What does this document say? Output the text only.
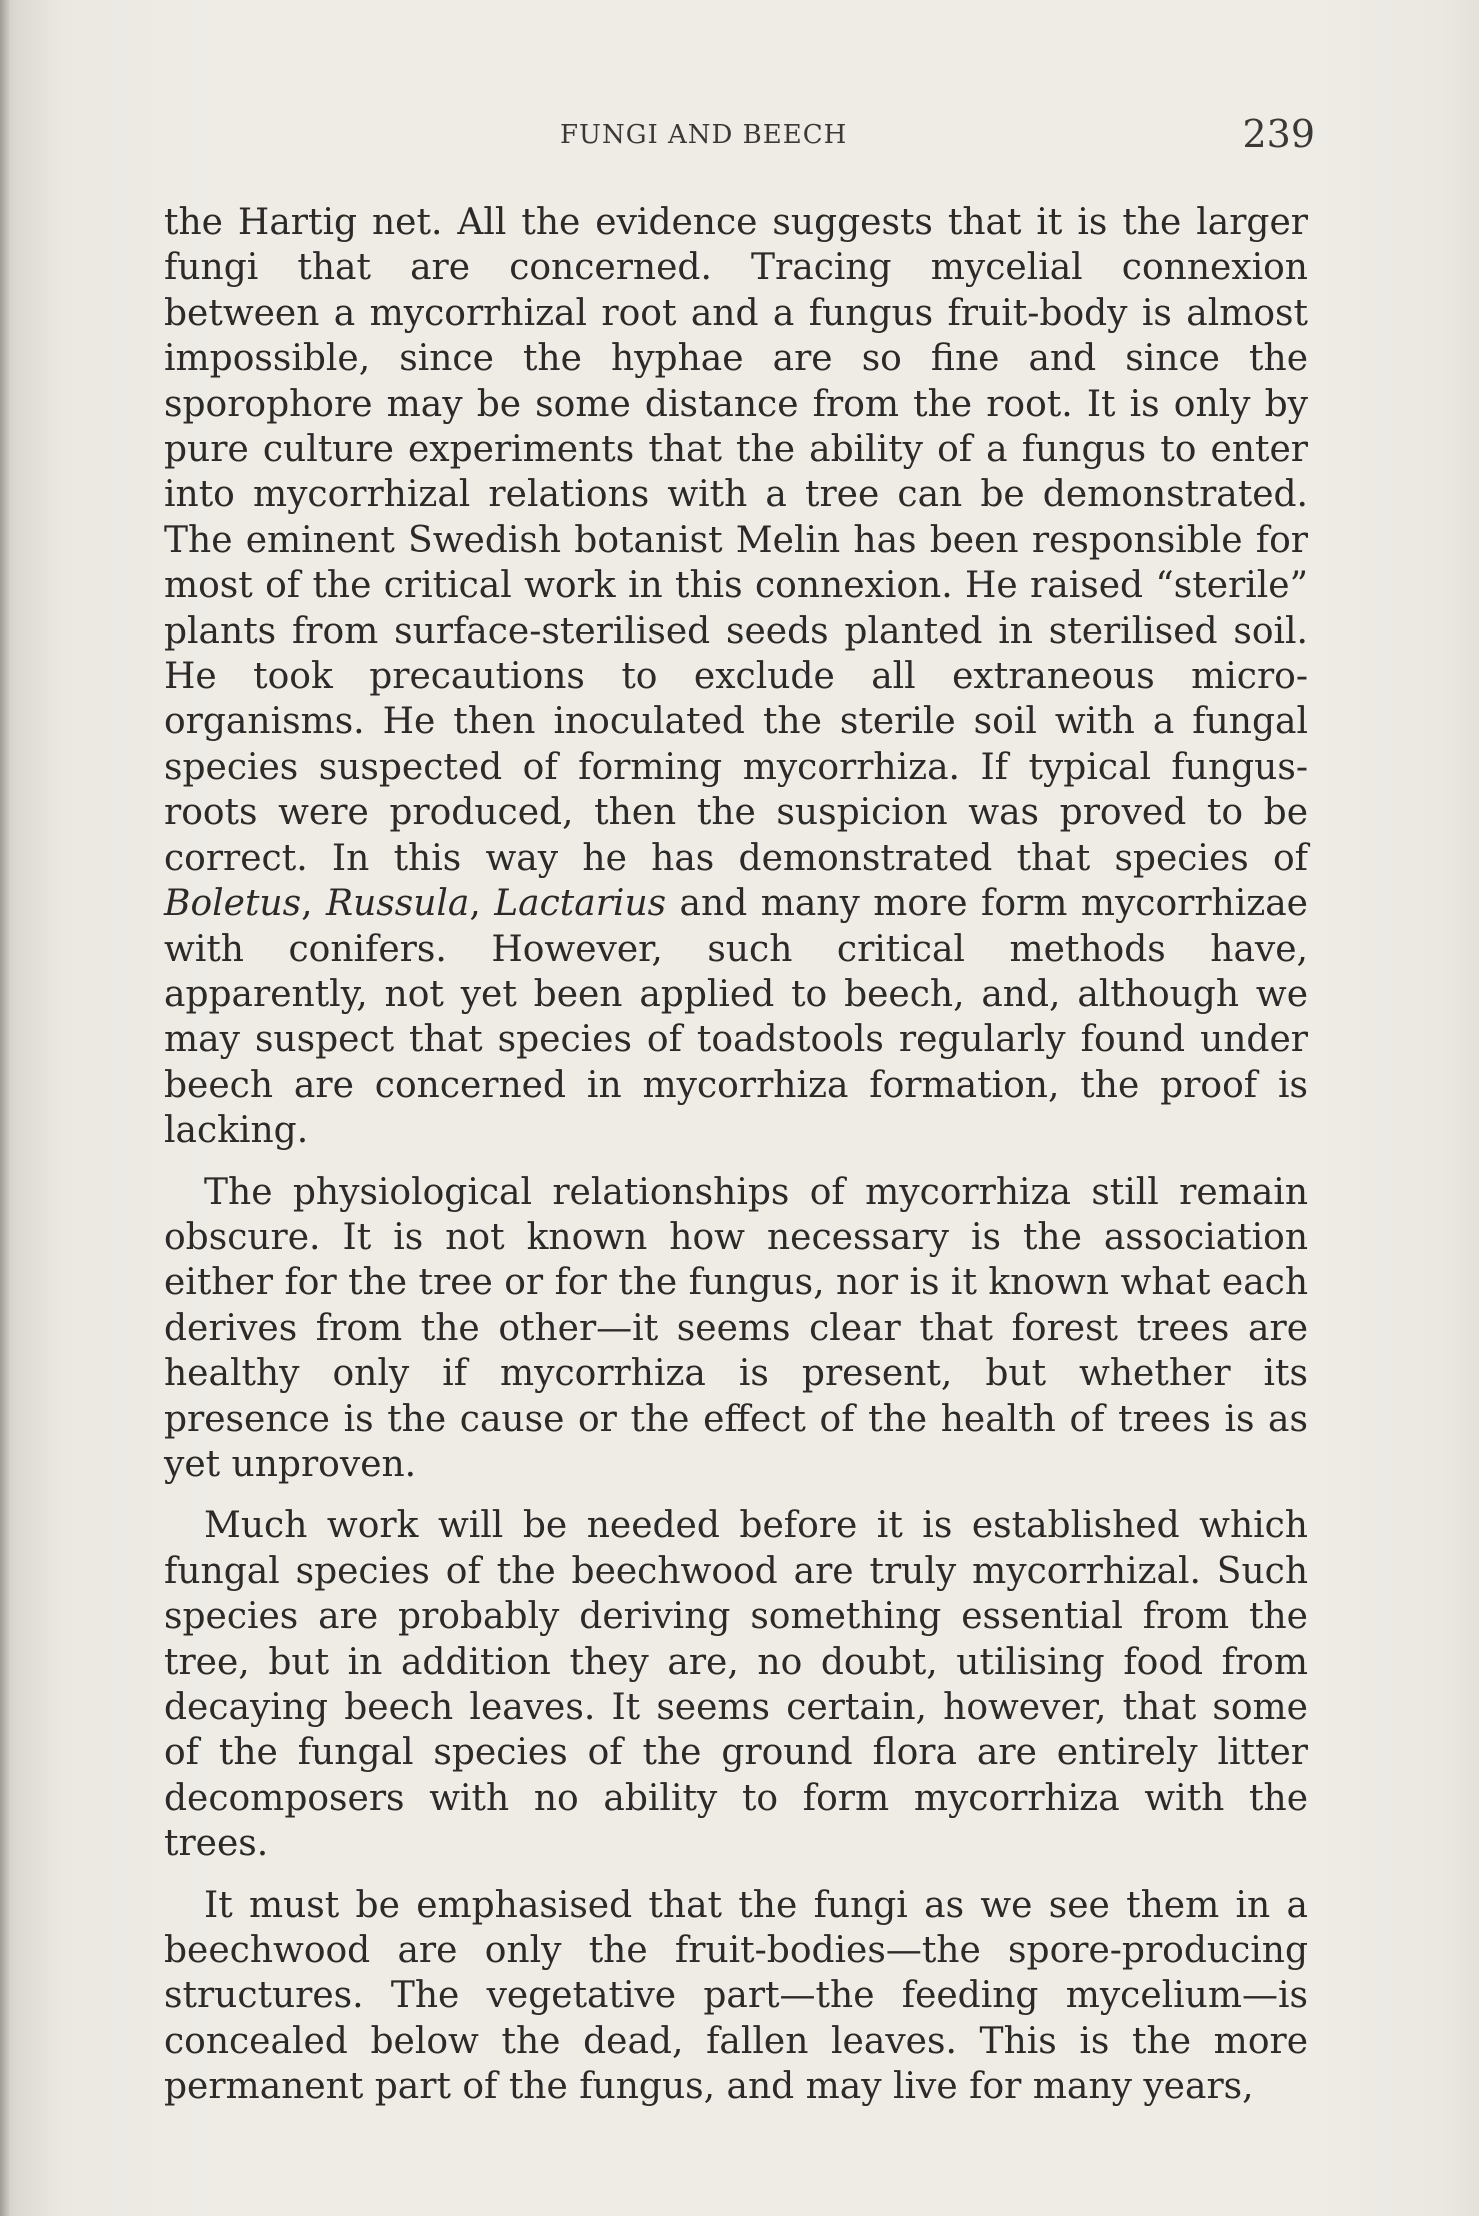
FUNGI AND BEECH	239

the Hartig net. All the evidence suggests that it is the larger fungi that are concerned. Tracing mycelial connexion between a mycorrhizal root and a fungus fruit-body is almost impossible, since the hyphae are so fine and since the sporophore may be some distance from the root. It is only by pure culture experiments that the ability of a fungus to enter into mycorrhizal relations with a tree can be demonstrated. The eminent Swedish botanist Melin has been responsible for most of the critical work in this connexion. He raised “sterile” plants from surface-sterilised seeds planted in sterilised soil. He took precautions to exclude all extraneous micro-organisms. He then inoculated the sterile soil with a fungal species suspected of forming mycorrhiza. If typical fungus-roots were produced, then the suspicion was proved to be correct. In this way he has demonstrated that species of Boletus, Russula, Lactarius and many more form mycorrhizae with conifers. However, such critical methods have, apparently, not yet been applied to beech, and, although we may suspect that species of toadstools regularly found under beech are concerned in mycorrhiza formation, the proof is lacking.

The physiological relationships of mycorrhiza still remain obscure. It is not known how necessary is the association either for the tree or for the fungus, nor is it known what each derives from the other—it seems clear that forest trees are healthy only if mycorrhiza is present, but whether its presence is the cause or the effect of the health of trees is as yet unproven.

Much work will be needed before it is established which fungal species of the beechwood are truly mycorrhizal. Such species are probably deriving something essential from the tree, but in addition they are, no doubt, utilising food from decaying beech leaves. It seems certain, however, that some of the fungal species of the ground flora are entirely litter decomposers with no ability to form mycorrhiza with the trees.

It must be emphasised that the fungi as we see them in a beechwood are only the fruit-bodies—the spore-producing structures. The vegetative part—the feeding mycelium—is concealed below the dead, fallen leaves. This is the more permanent part of the fungus, and may live for many years,
